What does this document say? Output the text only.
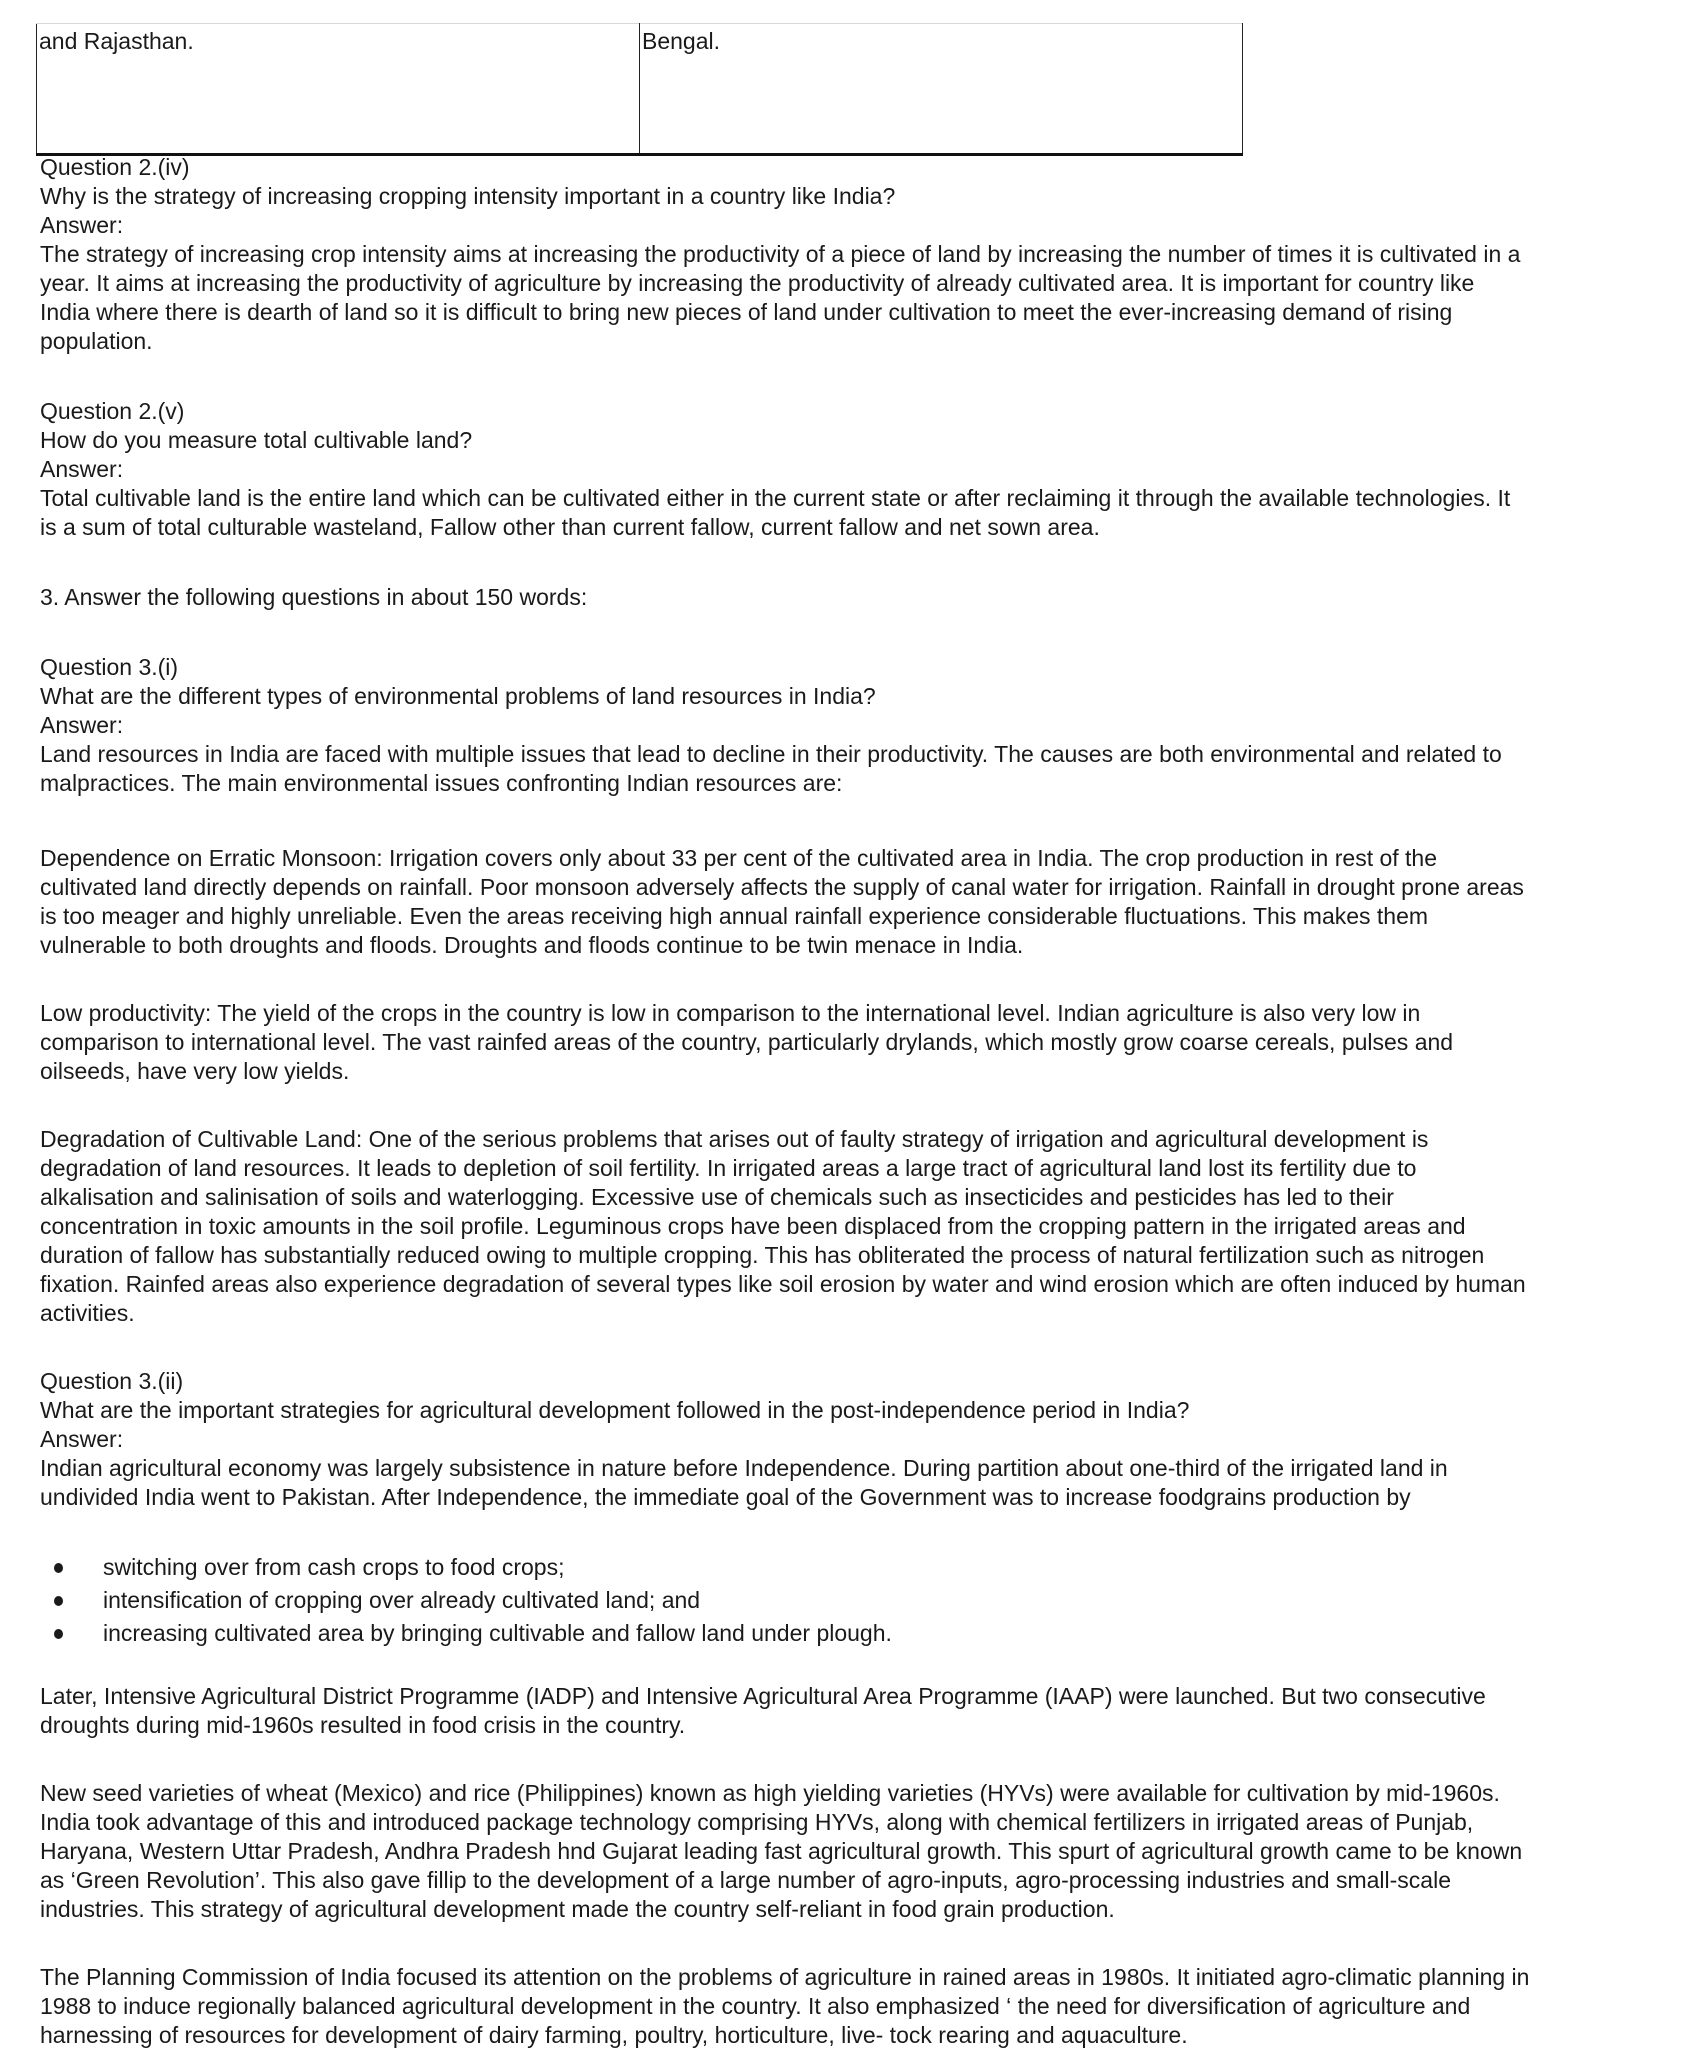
and Rajasthan.	Bengal.
Question 2.(iv)
Why is the strategy of increasing cropping intensity important in a country like India?
Answer:

The strategy of increasing crop intensity aims at increasing the productivity of a piece of land by increasing the number of times it is cultivated in a
year. It aims at increasing the productivity of agriculture by increasing the productivity of already cultivated area. It is important for country like
India where there is dearth of land so it is difficult to bring new pieces of land under cultivation to meet the ever-increasing demand of rising
population.

Question 2.(v)
How do you measure total cultivable land?
Answer:

Total cultivable land is the entire land which can be cultivated either in the current state or after reclaiming it through the available technologies. It
is a sum of total culturable wasteland, Fallow other than current fallow, current fallow and net sown area.

3. Answer the following questions in about 150 words:
Question 3.(i)
What are the different types of environmental problems of land resources in India?
Answer:

Land resources in India are faced with multiple issues that lead to decline in their productivity. The causes are both environmental and related to
malpractices. The main environmental issues confronting Indian resources are:

Dependence on Erratic Monsoon: Irrigation covers only about 33 per cent of the cultivated area in India. The crop production in rest of the
cultivated land directly depends on rainfall. Poor monsoon adversely affects the supply of canal water for irrigation. Rainfall in drought prone areas
is too meager and highly unreliable. Even the areas receiving high annual rainfall experience considerable fluctuations. This makes them
vulnerable to both droughts and floods. Droughts and floods continue to be twin menace in India.

Low productivity: The yield of the crops in the country is low in comparison to the international level. Indian agriculture is also very low in
comparison to international level. The vast rainfed areas of the country, particularly drylands, which mostly grow coarse cereals, pulses and
oilseeds, have very low yields.

Degradation of Cultivable Land: One of the serious problems that arises out of faulty strategy of irrigation and agricultural development is
degradation of land resources. It leads to depletion of soil fertility. In irrigated areas a large tract of agricultural land lost its fertility due to
alkalisation and salinisation of soils and waterlogging. Excessive use of chemicals such as insecticides and pesticides has led to their
concentration in toxic amounts in the soil profile. Leguminous crops have been displaced from the cropping pattern in the irrigated areas and
duration of fallow has substantially reduced owing to multiple cropping. This has obliterated the process of natural fertilization such as nitrogen
fixation. Rainfed areas also experience degradation of several types like soil erosion by water and wind erosion which are often induced by human
activities.

Question 3.(ii)
What are the important strategies for agricultural development followed in the post-independence period in India?
Answer:

Indian agricultural economy was largely subsistence in nature before Independence. During partition about one-third of the irrigated land in
undivided India went to Pakistan. After Independence, the immediate goal of the Government was to increase foodgrains production by

switching over from cash crops to food crops;
intensification of cropping over already cultivated land; and
increasing cultivated area by bringing cultivable and fallow land under plough.

Later, Intensive Agricultural District Programme (IADP) and Intensive Agricultural Area Programme (IAAP) were launched. But two consecutive
droughts during mid-1960s resulted in food crisis in the country.

New seed varieties of wheat (Mexico) and rice (Philippines) known as high yielding varieties (HYVs) were available for cultivation by mid-1960s.
India took advantage of this and introduced package technology comprising HYVs, along with chemical fertilizers in irrigated areas of Punjab,
Haryana, Western Uttar Pradesh, Andhra Pradesh hnd Gujarat leading fast agricultural growth. This spurt of agricultural growth came to be known
as ‘Green Revolution’. This also gave fillip to the development of a large number of agro-inputs, agro-processing industries and small-scale
industries. This strategy of agricultural development made the country self-reliant in food grain production.

The Planning Commission of India focused its attention on the problems of agriculture in rained areas in 1980s. It initiated agro-climatic planning in
1988 to induce regionally balanced agricultural development in the country. It also emphasized ‘ the need for diversification of agriculture and
harnessing of resources for development of dairy farming, poultry, horticulture, live- tock rearing and aquaculture.
